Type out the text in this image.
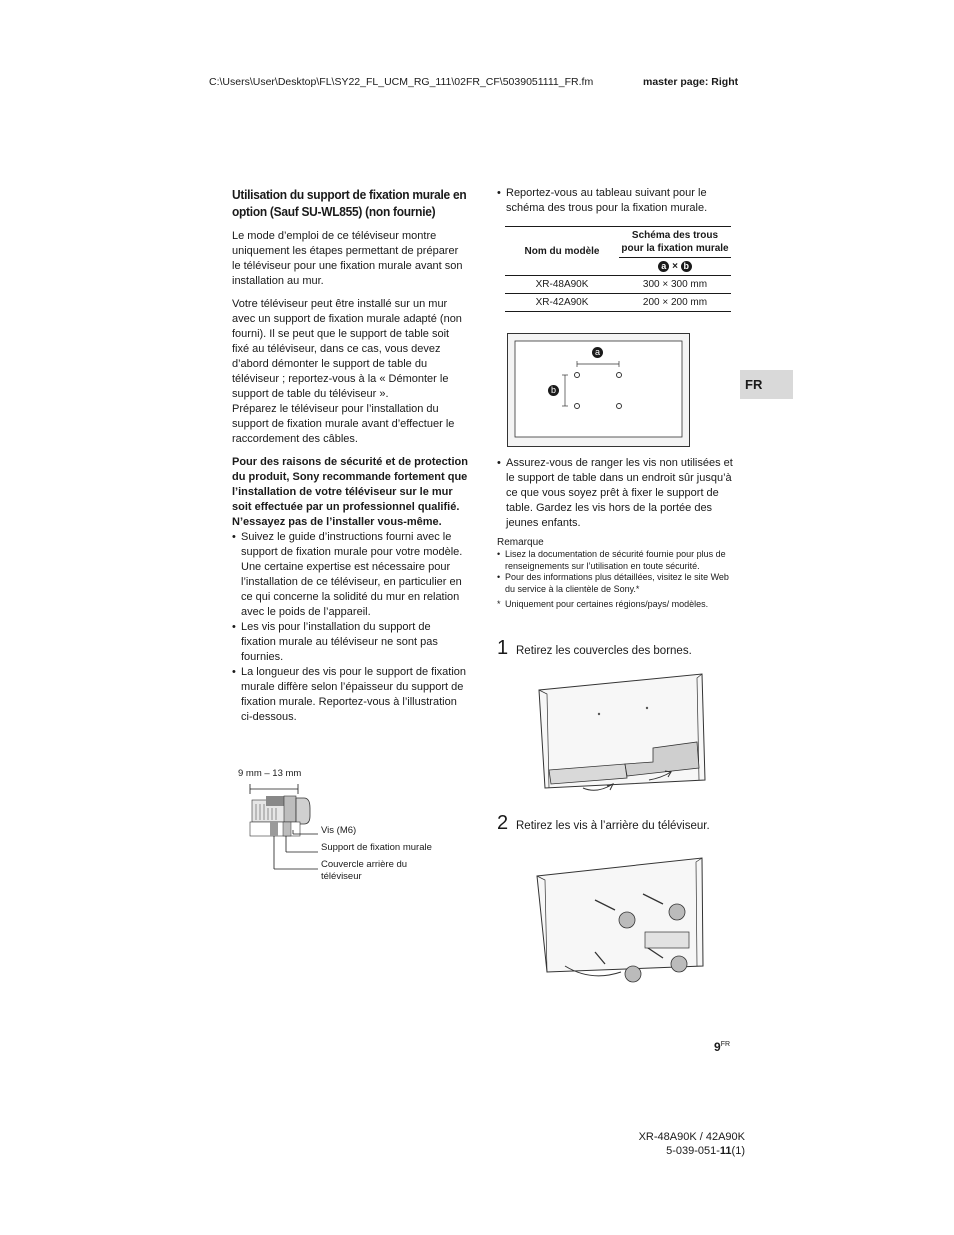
C:\Users\User\Desktop\FL\SY22_FL_UCM_RG_111\02FR_CF\5039051111_FR.fm	master page: Right
Utilisation du support de fixation murale en option (Sauf SU-WL855) (non fournie)

Le mode d’emploi de ce téléviseur montre uniquement les étapes permettant de préparer le téléviseur pour une fixation murale avant son installation au mur.

Votre téléviseur peut être installé sur un mur avec un support de fixation murale adapté (non fourni). Il se peut que le support de table soit fixé au téléviseur, dans ce cas, vous devez d’abord démonter le support de table du téléviseur ; reportez-vous à la « Démonter le support de table du téléviseur ».

Préparez le téléviseur pour l’installation du support de fixation murale avant d’effectuer le raccordement des câbles.

Pour des raisons de sécurité et de protection du produit, Sony recommande fortement que l’installation de votre téléviseur sur le mur soit effectuée par un professionnel qualifié. N’essayez pas de l’installer vous-même.

• Suivez le guide d’instructions fourni avec le support de fixation murale pour votre modèle. Une certaine expertise est nécessaire pour l’installation de ce téléviseur, en particulier en ce qui concerne la solidité du mur en relation avec le poids de l’appareil.
• Les vis pour l’installation du support de fixation murale au téléviseur ne sont pas fournies.
• La longueur des vis pour le support de fixation murale diffère selon l’épaisseur du support de fixation murale. Reportez-vous à l’illustration ci-dessous.
9 mm – 13 mm
Vis (M6)
Support de fixation murale
Couvercle arrière du téléviseur
• Reportez-vous au tableau suivant pour le schéma des trous pour la fixation murale.
Nom du modèle	Schéma des trous pour la fixation murale
	a × b
XR-48A90K	300 × 300 mm
XR-42A90K	200 × 200 mm
a
b
• Assurez-vous de ranger les vis non utilisées et le support de table dans un endroit sûr jusqu’à ce que vous soyez prêt à fixer le support de table. Gardez les vis hors de la portée des jeunes enfants.
Remarque
• Lisez la documentation de sécurité fournie pour plus de renseignements sur l’utilisation en toute sécurité.
• Pour des informations plus détaillées, visitez le site Web du service à la clientèle de Sony.*
* Uniquement pour certaines régions/pays/ modèles.
1 Retirez les couvercles des bornes.
2 Retirez les vis à l’arrière du téléviseur.
FR
$9^{FR}$
XR-48A90K / 42A90K
5-039-051-11(1)
